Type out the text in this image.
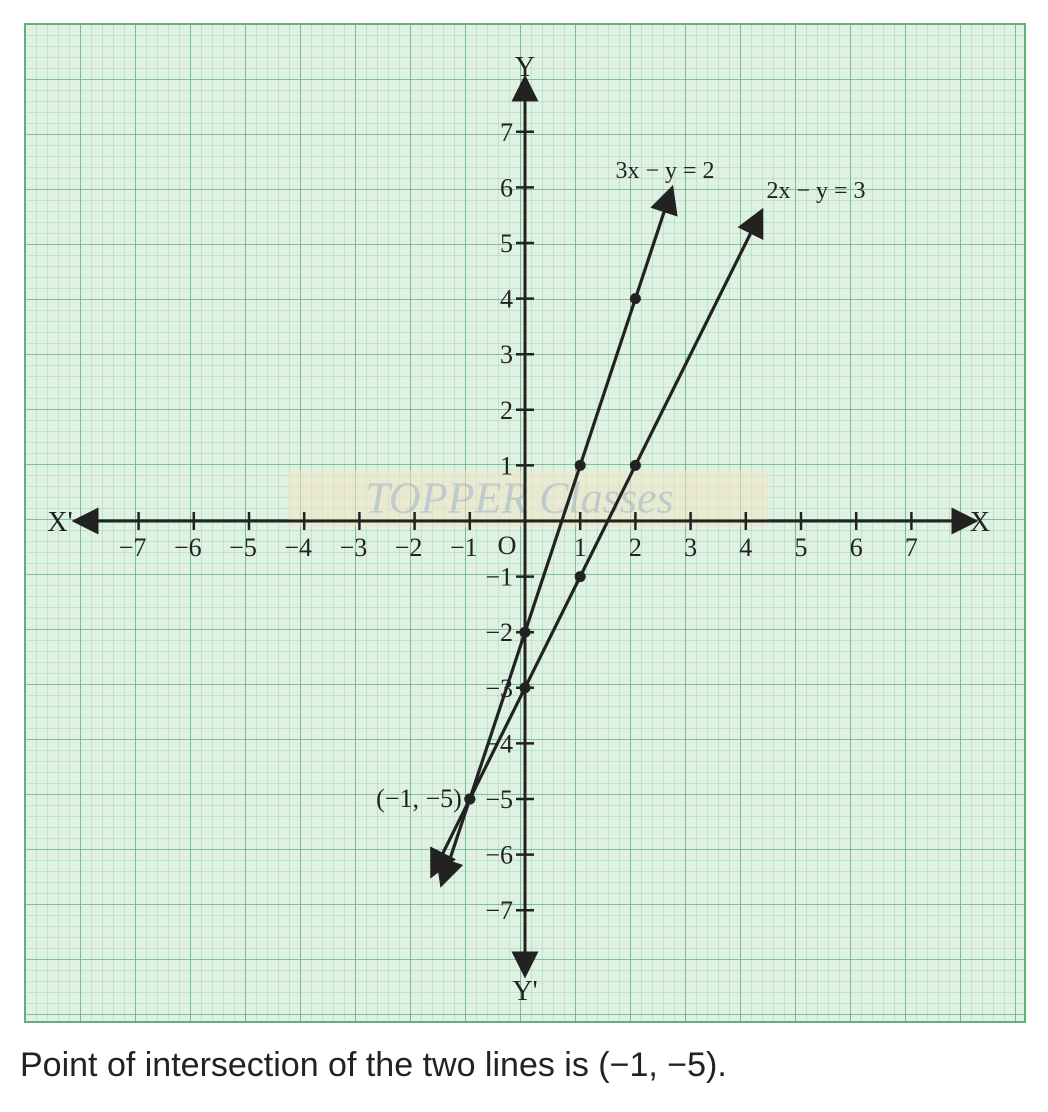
TOPPER Classes
−7 −6 −5 −4 −3 −2 −1	1 2 3 4 5 6 7
−7
−6
−5
−4
−3
−2
−1
1
2
3
4
5
6
7
O
X
X'
Y
Y'
3x − y = 2
2x − y = 3
(−1, −5)
Point of intersection of the two lines is (−1, −5).
